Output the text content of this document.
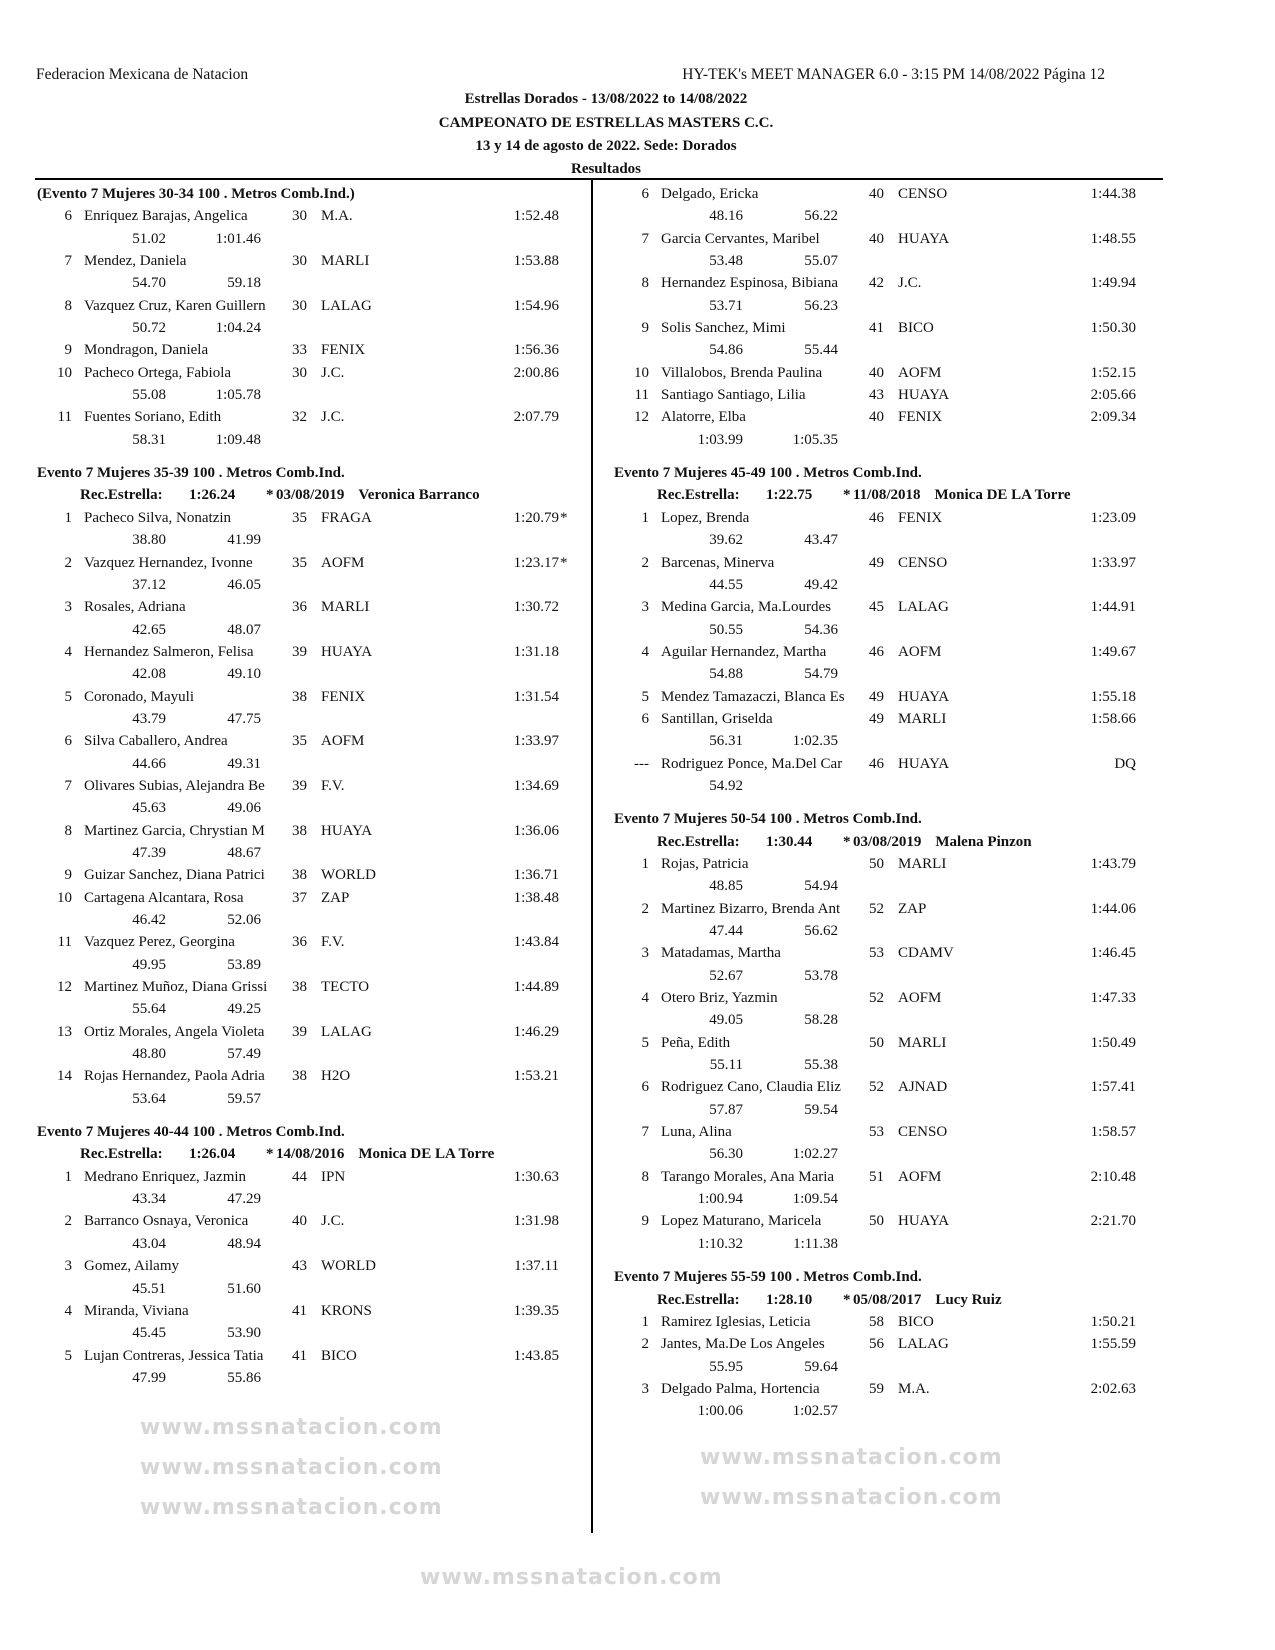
Federacion Mexicana de Natacion	HY-TEK's MEET MANAGER 6.0 - 3:15 PM 14/08/2022 Página 12
Estrellas Dorados - 13/08/2022 to 14/08/2022
CAMPEONATO DE ESTRELLAS MASTERS C.C.
13 y 14 de agosto de 2022. Sede: Dorados
Resultados
www.mssnatacion.com
www.mssnatacion.com
www.mssnatacion.com
www.mssnatacion.com
www.mssnatacion.com
www.mssnatacion.com
(Evento 7 Mujeres 30-34 100 . Metros Comb.Ind.)
6 Enriquez Barajas, Angelica	30 M.A.	1:52.48
51.02	1:01.46
7 Mendez, Daniela	30 MARLI	1:53.88
54.70	59.18
8 Vazquez Cruz, Karen Guillern	30 LALAG	1:54.96
50.72	1:04.24
9 Mondragon, Daniela	33 FENIX	1:56.36
10 Pacheco Ortega, Fabiola	30 J.C.	2:00.86
55.08	1:05.78
11 Fuentes Soriano, Edith	32 J.C.	2:07.79
58.31	1:09.48
Evento 7 Mujeres 35-39 100 . Metros Comb.Ind.
Rec.Estrella: 1:26.24 * 03/08/2019 Veronica Barranco
1 Pacheco Silva, Nonatzin	35 FRAGA	1:20.79 *
38.80	41.99
2 Vazquez Hernandez, Ivonne	35 AOFM	1:23.17 *
37.12	46.05
3 Rosales, Adriana	36 MARLI	1:30.72
42.65	48.07
4 Hernandez Salmeron, Felisa	39 HUAYA	1:31.18
42.08	49.10
5 Coronado, Mayuli	38 FENIX	1:31.54
43.79	47.75
6 Silva Caballero, Andrea	35 AOFM	1:33.97
44.66	49.31
7 Olivares Subias, Alejandra Be	39 F.V.	1:34.69
45.63	49.06
8 Martinez Garcia, Chrystian M	38 HUAYA	1:36.06
47.39	48.67
9 Guizar Sanchez, Diana Patrici	38 WORLD	1:36.71
10 Cartagena Alcantara, Rosa	37 ZAP	1:38.48
46.42	52.06
11 Vazquez Perez, Georgina	36 F.V.	1:43.84
49.95	53.89
12 Martinez Muñoz, Diana Grissi	38 TECTO	1:44.89
55.64	49.25
13 Ortiz Morales, Angela Violeta	39 LALAG	1:46.29
48.80	57.49
14 Rojas Hernandez, Paola Adria	38 H2O	1:53.21
53.64	59.57
Evento 7 Mujeres 40-44 100 . Metros Comb.Ind.
Rec.Estrella: 1:26.04 * 14/08/2016 Monica DE LA Torre
1 Medrano Enriquez, Jazmin	44 IPN	1:30.63
43.34	47.29
2 Barranco Osnaya, Veronica	40 J.C.	1:31.98
43.04	48.94
3 Gomez, Ailamy	43 WORLD	1:37.11
45.51	51.60
4 Miranda, Viviana	41 KRONS	1:39.35
45.45	53.90
5 Lujan Contreras, Jessica Tatia	41 BICO	1:43.85
47.99	55.86
6 Delgado, Ericka	40 CENSO	1:44.38
48.16	56.22
7 Garcia Cervantes, Maribel	40 HUAYA	1:48.55
53.48	55.07
8 Hernandez Espinosa, Bibiana	42 J.C.	1:49.94
53.71	56.23
9 Solis Sanchez, Mimi	41 BICO	1:50.30
54.86	55.44
10 Villalobos, Brenda Paulina	40 AOFM	1:52.15
11 Santiago Santiago, Lilia	43 HUAYA	2:05.66
12 Alatorre, Elba	40 FENIX	2:09.34
1:03.99	1:05.35
Evento 7 Mujeres 45-49 100 . Metros Comb.Ind.
Rec.Estrella: 1:22.75 * 11/08/2018 Monica DE LA Torre
1 Lopez, Brenda	46 FENIX	1:23.09
39.62	43.47
2 Barcenas, Minerva	49 CENSO	1:33.97
44.55	49.42
3 Medina Garcia, Ma.Lourdes	45 LALAG	1:44.91
50.55	54.36
4 Aguilar Hernandez, Martha	46 AOFM	1:49.67
54.88	54.79
5 Mendez Tamazaczi, Blanca Es	49 HUAYA	1:55.18
6 Santillan, Griselda	49 MARLI	1:58.66
56.31	1:02.35
--- Rodriguez Ponce, Ma.Del Car	46 HUAYA	DQ
54.92
Evento 7 Mujeres 50-54 100 . Metros Comb.Ind.
Rec.Estrella: 1:30.44 * 03/08/2019 Malena Pinzon
1 Rojas, Patricia	50 MARLI	1:43.79
48.85	54.94
2 Martinez Bizarro, Brenda Ant	52 ZAP	1:44.06
47.44	56.62
3 Matadamas, Martha	53 CDAMV	1:46.45
52.67	53.78
4 Otero Briz, Yazmin	52 AOFM	1:47.33
49.05	58.28
5 Peña, Edith	50 MARLI	1:50.49
55.11	55.38
6 Rodriguez Cano, Claudia Eliz	52 AJNAD	1:57.41
57.87	59.54
7 Luna, Alina	53 CENSO	1:58.57
56.30	1:02.27
8 Tarango Morales, Ana Maria	51 AOFM	2:10.48
1:00.94	1:09.54
9 Lopez Maturano, Maricela	50 HUAYA	2:21.70
1:10.32	1:11.38
Evento 7 Mujeres 55-59 100 . Metros Comb.Ind.
Rec.Estrella: 1:28.10 * 05/08/2017 Lucy Ruiz
1 Ramirez Iglesias, Leticia	58 BICO	1:50.21
2 Jantes, Ma.De Los Angeles	56 LALAG	1:55.59
55.95	59.64
3 Delgado Palma, Hortencia	59 M.A.	2:02.63
1:00.06	1:02.57
